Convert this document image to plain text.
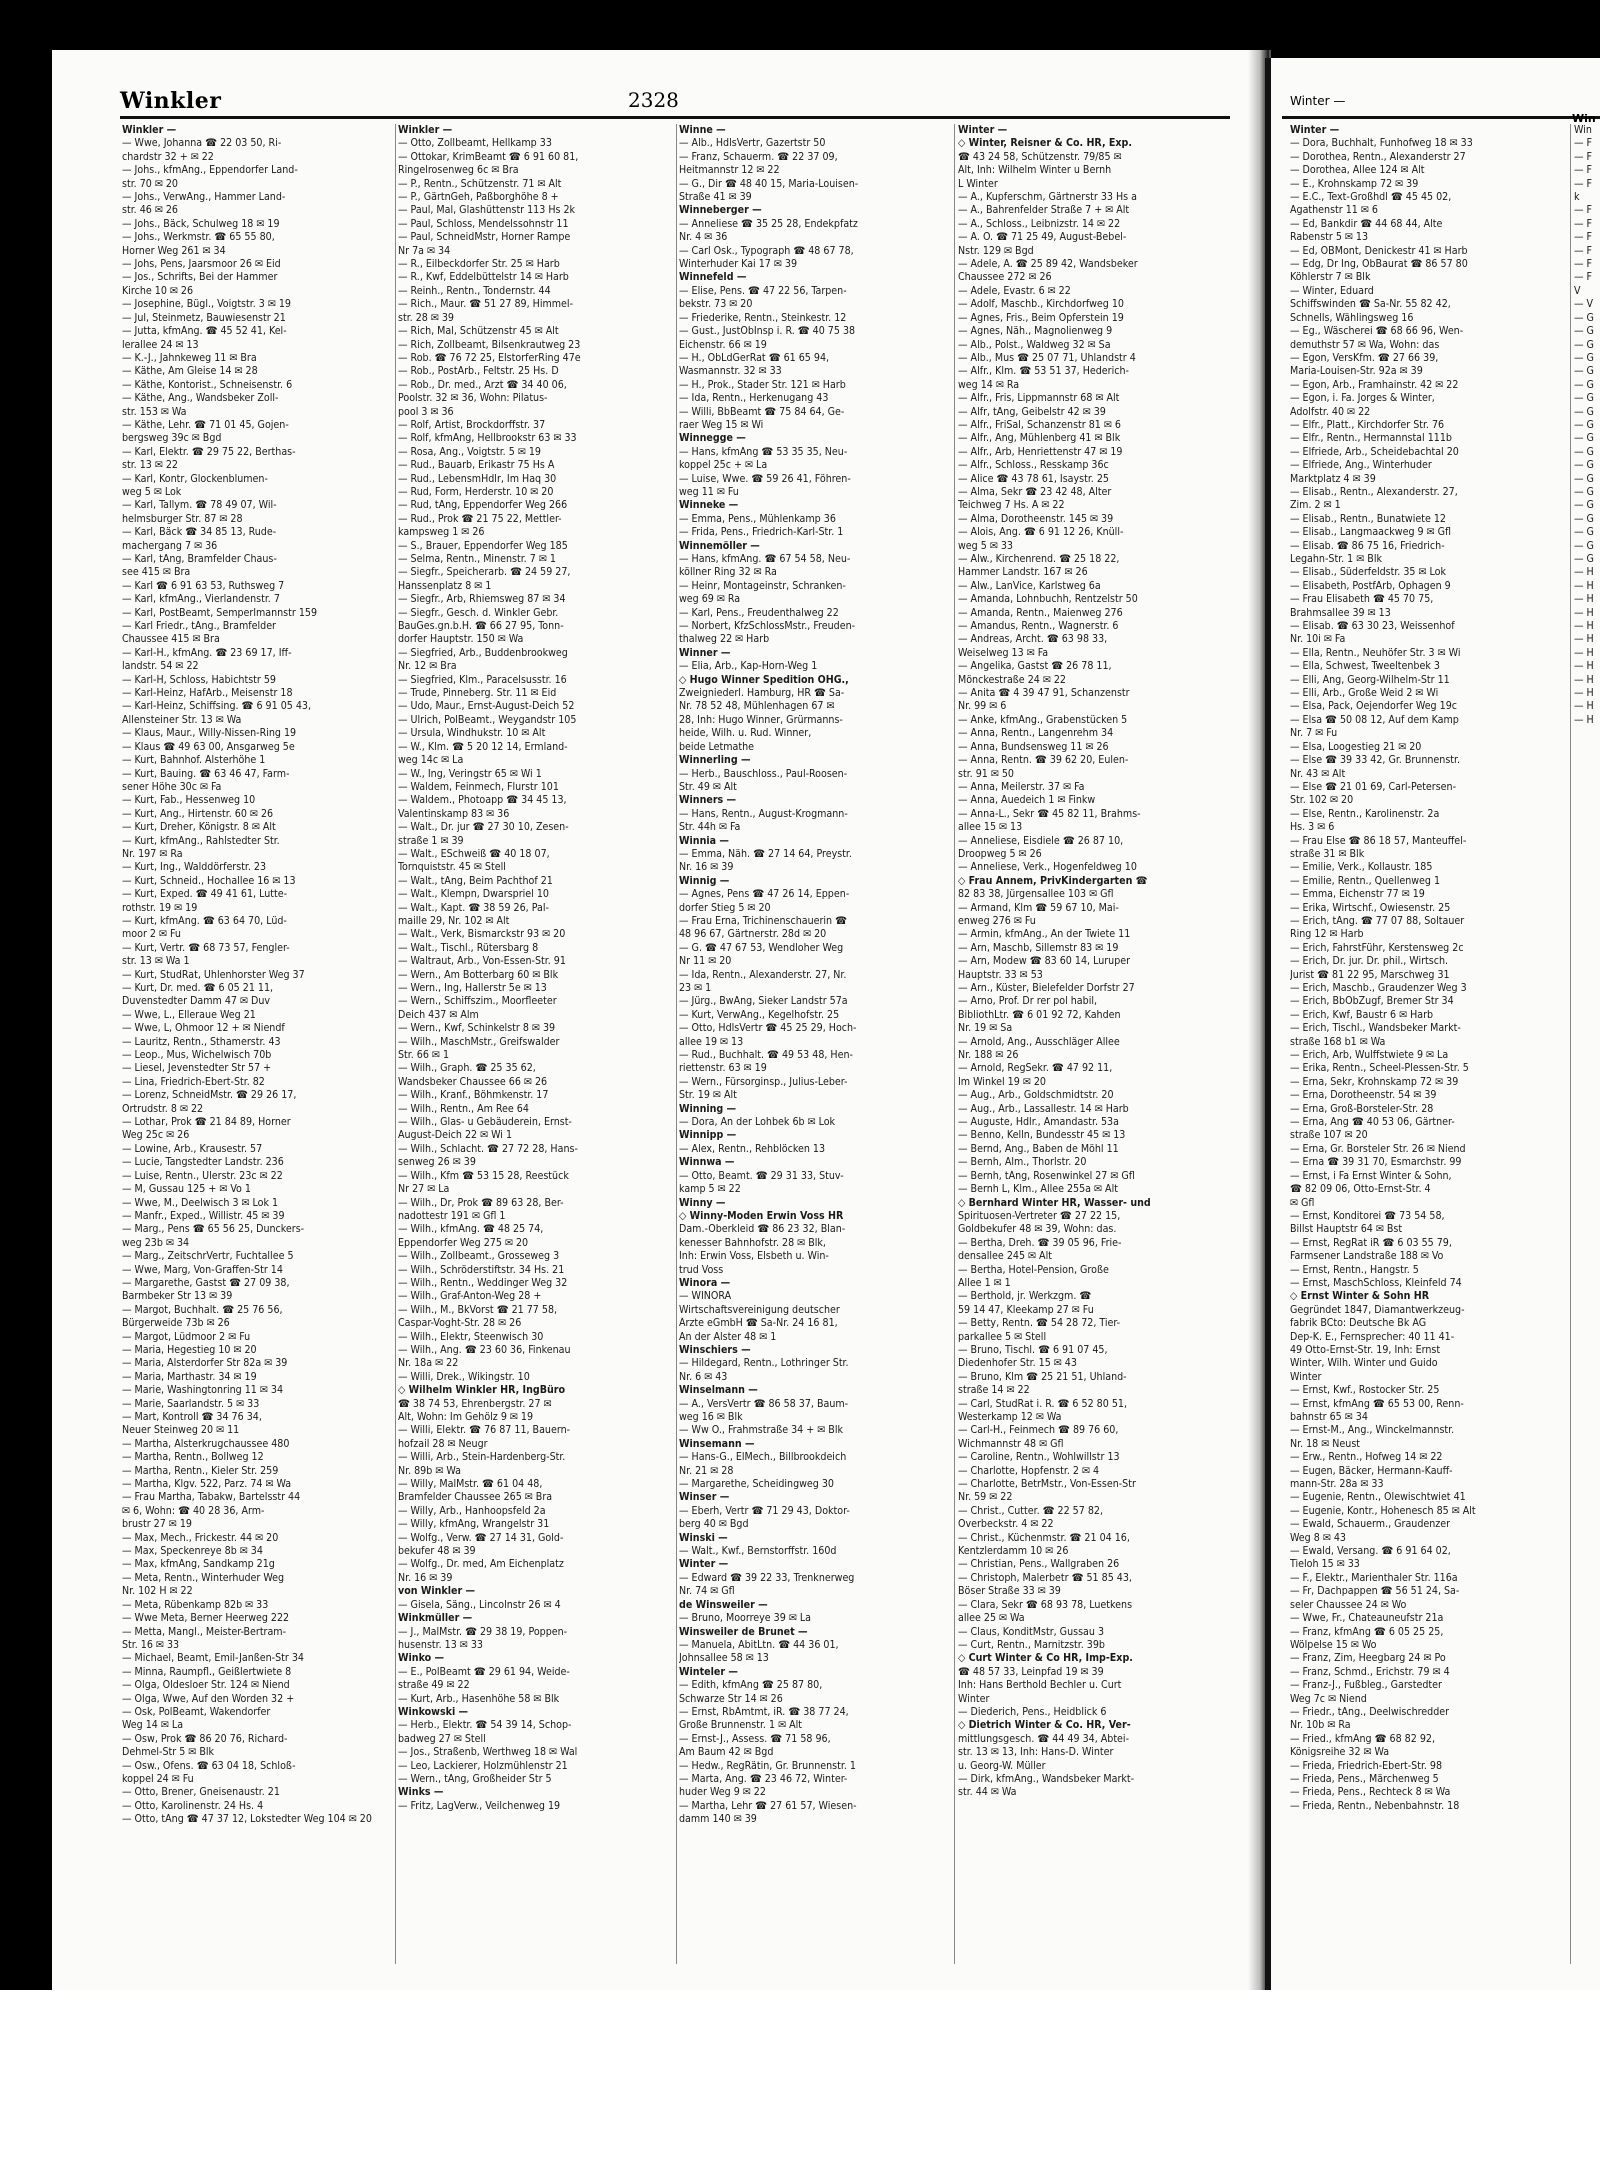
Winkler	2328	Winter —
Win
Winkler —
— Wwe, Johanna ☎ 22 03 50, Ri-
chardstr 32 + ✉ 22
— Johs., kfmAng., Eppendorfer Land-
str. 70 ✉ 20
— Johs., VerwAng., Hammer Land-
str. 46 ✉ 26
— Johs., Bäck, Schulweg 18 ✉ 19
— Johs., Werkmstr. ☎ 65 55 80,
Horner Weg 261 ✉ 34
— Johs, Pens, Jaarsmoor 26 ✉ Eid
— Jos., Schrifts, Bei der Hammer
Kirche 10 ✉ 26
— Josephine, Bügl., Voigtstr. 3 ✉ 19
— Jul, Steinmetz, Bauwiesenstr 21
— Jutta, kfmAng. ☎ 45 52 41, Kel-
lerallee 24 ✉ 13
— K.-J., Jahnkeweg 11 ✉ Bra
— Käthe, Am Gleise 14 ✉ 28
— Käthe, Kontorist., Schneisenstr. 6
— Käthe, Ang., Wandsbeker Zoll-
str. 153 ✉ Wa
— Käthe, Lehr. ☎ 71 01 45, Gojen-
bergsweg 39c ✉ Bgd
— Karl, Elektr. ☎ 29 75 22, Berthas-
str. 13 ✉ 22
— Karl, Kontr, Glockenblumen-
weg 5 ✉ Lok
— Karl, Tallym. ☎ 78 49 07, Wil-
helmsburger Str. 87 ✉ 28
— Karl, Bäck ☎ 34 85 13, Rude-
machergang 7 ✉ 36
— Karl, tAng, Bramfelder Chaus-
see 415 ✉ Bra
— Karl ☎ 6 91 63 53, Ruthsweg 7
— Karl, kfmAng., Vierlandenstr. 7
— Karl, PostBeamt, Semperlmannstr 159
— Karl Friedr., tAng., Bramfelder
Chaussee 415 ✉ Bra
— Karl-H., kfmAng. ☎ 23 69 17, Iff-
landstr. 54 ✉ 22
— Karl-H, Schloss, Habichtstr 59
— Karl-Heinz, HafArb., Meisenstr 18
— Karl-Heinz, Schiffsing. ☎ 6 91 05 43,
Allensteiner Str. 13 ✉ Wa
— Klaus, Maur., Willy-Nissen-Ring 19
— Klaus ☎ 49 63 00, Ansgarweg 5e
— Kurt, Bahnhof. Alsterhöhe 1
— Kurt, Bauing. ☎ 63 46 47, Farm-
sener Höhe 30c ✉ Fa
— Kurt, Fab., Hessenweg 10
— Kurt, Ang., Hirtenstr. 60 ✉ 26
— Kurt, Dreher, Königstr. 8 ✉ Alt
— Kurt, kfmAng., Rahlstedter Str.
Nr. 197 ✉ Ra
— Kurt, Ing., Walddörferstr. 23
— Kurt, Schneid., Hochallee 16 ✉ 13
— Kurt, Exped. ☎ 49 41 61, Lutte-
rothstr. 19 ✉ 19
— Kurt, kfmAng. ☎ 63 64 70, Lüd-
moor 2 ✉ Fu
— Kurt, Vertr. ☎ 68 73 57, Fengler-
str. 13 ✉ Wa 1
— Kurt, StudRat, Uhlenhorster Weg 37
— Kurt, Dr. med. ☎ 6 05 21 11,
Duvenstedter Damm 47 ✉ Duv
— Wwe, L., Elleraue Weg 21
— Wwe, L, Ohmoor 12 + ✉ Niendf
— Lauritz, Rentn., Sthamerstr. 43
— Leop., Mus, Wichelwisch 70b
— Liesel, Jevenstedter Str 57 +
— Lina, Friedrich-Ebert-Str. 82
— Lorenz, SchneidMstr. ☎ 29 26 17,
Ortrudstr. 8 ✉ 22
— Lothar, Prok ☎ 21 84 89, Horner
Weg 25c ✉ 26
— Lowine, Arb., Krausestr. 57
— Lucie, Tangstedter Landstr. 236
— Luise, Rentn., Ulerstr. 23c ✉ 22
— M, Gussau 125 + ✉ Vo 1
— Wwe, M., Deelwisch 3 ✉ Lok 1
— Manfr., Exped., Willistr. 45 ✉ 39
— Marg., Pens ☎ 65 56 25, Dunckers-
weg 23b ✉ 34
— Marg., ZeitschrVertr, Fuchtallee 5
— Wwe, Marg, Von-Graffen-Str 14
— Margarethe, Gastst ☎ 27 09 38,
Barmbeker Str 13 ✉ 39
— Margot, Buchhalt. ☎ 25 76 56,
Bürgerweide 73b ✉ 26
— Margot, Lüdmoor 2 ✉ Fu
— Maria, Hegestieg 10 ✉ 20
— Maria, Alsterdorfer Str 82a ✉ 39
— Maria, Marthastr. 34 ✉ 19
— Marie, Washingtonring 11 ✉ 34
— Marie, Saarlandstr. 5 ✉ 33
— Mart, Kontroll ☎ 34 76 34,
Neuer Steinweg 20 ✉ 11
— Martha, Alsterkrugchaussee 480
— Martha, Rentn., Bollweg 12
— Martha, Rentn., Kieler Str. 259
— Martha, Klgv. 522, Parz. 74 ✉ Wa
— Frau Martha, Tabakw, Bartelsstr 44
✉ 6, Wohn: ☎ 40 28 36, Arm-
brustr 27 ✉ 19
— Max, Mech., Frickestr. 44 ✉ 20
— Max, Speckenreye 8b ✉ 34
— Max, kfmAng, Sandkamp 21g
— Meta, Rentn., Winterhuder Weg
Nr. 102 H ✉ 22
— Meta, Rübenkamp 82b ✉ 33
— Wwe Meta, Berner Heerweg 222
— Metta, Mangl., Meister-Bertram-
Str. 16 ✉ 33
— Michael, Beamt, Emil-Janßen-Str 34
— Minna, Raumpfl., Geißlertwiete 8
— Olga, Oldesloer Str. 124 ✉ Niend
— Olga, Wwe, Auf den Worden 32 +
— Osk, PolBeamt, Wakendorfer
Weg 14 ✉ La
— Osw, Prok ☎ 86 20 76, Richard-
Dehmel-Str 5 ✉ Blk
— Osw., Ofens. ☎ 63 04 18, Schloß-
koppel 24 ✉ Fu
— Otto, Brener, Gneisenaustr. 21
— Otto, Karolinenstr. 24 Hs. 4
— Otto, tAng ☎ 47 37 12, Lokstedter Weg 104 ✉ 20
Winkler —
— Otto, Zollbeamt, Hellkamp 33
— Ottokar, KrimBeamt ☎ 6 91 60 81,
Ringelrosenweg 6c ✉ Bra
— P., Rentn., Schützenstr. 71 ✉ Alt
— P., GärtnGeh, Paßborghöhe 8 +
— Paul, Mal, Glashüttenstr 113 Hs 2k
— Paul, Schloss, Mendelssohnstr 11
— Paul, SchneidMstr, Horner Rampe
Nr 7a ✉ 34
— R., Eilbeckdorfer Str. 25 ✉ Harb
— R., Kwf, Eddelbüttelstr 14 ✉ Harb
— Reinh., Rentn., Tondernstr. 44
— Rich., Maur. ☎ 51 27 89, Himmel-
str. 28 ✉ 39
— Rich, Mal, Schützenstr 45 ✉ Alt
— Rich, Zollbeamt, Bilsenkrautweg 23
— Rob. ☎ 76 72 25, ElstorferRing 47e
— Rob., PostArb., Feltstr. 25 Hs. D
— Rob., Dr. med., Arzt ☎ 34 40 06,
Poolstr. 32 ✉ 36, Wohn: Pilatus-
pool 3 ✉ 36
— Rolf, Artist, Brockdorffstr. 37
— Rolf, kfmAng, Hellbrookstr 63 ✉ 33
— Rosa, Ang., Voigtstr. 5 ✉ 19
— Rud., Bauarb, Erikastr 75 Hs A
— Rud., LebensmHdlr, Im Haq 30
— Rud, Form, Herderstr. 10 ✉ 20
— Rud, tAng, Eppendorfer Weg 266
— Rud., Prok ☎ 21 75 22, Mettler-
kampsweg 1 ✉ 26
— S., Brauer, Eppendorfer Weg 185
— Selma, Rentn., Minenstr. 7 ✉ 1
— Siegfr., Speicherarb. ☎ 24 59 27,
Hanssenplatz 8 ✉ 1
— Siegfr., Arb, Rhiemsweg 87 ✉ 34
— Siegfr., Gesch. d. Winkler Gebr.
BauGes.gn.b.H. ☎ 66 27 95, Tonn-
dorfer Hauptstr. 150 ✉ Wa
— Siegfried, Arb., Buddenbrookweg
Nr. 12 ✉ Bra
— Siegfried, Klm., Paracelsusstr. 16
— Trude, Pinneberg. Str. 11 ✉ Eid
— Udo, Maur., Ernst-August-Deich 52
— Ulrich, PolBeamt., Weygandstr 105
— Ursula, Windhukstr. 10 ✉ Alt
— W., Klm. ☎ 5 20 12 14, Ermland-
weg 14c ✉ La
— W., Ing, Veringstr 65 ✉ Wi 1
— Waldem, Feinmech, Flurstr 101
— Waldem., Photoapp ☎ 34 45 13,
Valentinskamp 83 ✉ 36
— Walt., Dr. jur ☎ 27 30 10, Zesen-
straße 1 ✉ 39
— Walt., ESchweiß ☎ 40 18 07,
Tornquiststr. 45 ✉ Stell
— Walt., tAng, Beim Pachthof 21
— Walt., Klempn, Dwarspriel 10
— Walt., Kapt. ☎ 38 59 26, Pal-
maille 29, Nr. 102 ✉ Alt
— Walt., Verk, Bismarckstr 93 ✉ 20
— Walt., Tischl., Rütersbarg 8
— Waltraut, Arb., Von-Essen-Str. 91
— Wern., Am Botterbarg 60 ✉ Blk
— Wern., Ing, Hallerstr 5e ✉ 13
— Wern., Schiffszim., Moorfleeter
Deich 437 ✉ Alm
— Wern., Kwf, Schinkelstr 8 ✉ 39
— Wilh., MaschMstr., Greifswalder
Str. 66 ✉ 1
— Wilh., Graph. ☎ 25 35 62,
Wandsbeker Chaussee 66 ✉ 26
— Wilh., Kranf., Böhmkenstr. 17
— Wilh., Rentn., Am Ree 64
— Wilh., Glas- u Gebäuderein, Ernst-
August-Deich 22 ✉ Wi 1
— Wilh., Schlacht. ☎ 27 72 28, Hans-
senweg 26 ✉ 39
— Wilh., Kfm ☎ 53 15 28, Reestück
Nr 27 ✉ La
— Wilh., Dr, Prok ☎ 89 63 28, Ber-
nadottestr 191 ✉ Gfl 1
— Wilh., kfmAng. ☎ 48 25 74,
Eppendorfer Weg 275 ✉ 20
— Wilh., Zollbeamt., Grosseweg 3
— Wilh., Schröderstiftstr. 34 Hs. 21
— Wilh., Rentn., Weddinger Weg 32
— Wilh., Graf-Anton-Weg 28 +
— Wilh., M., BkVorst ☎ 21 77 58,
Caspar-Voght-Str. 28 ✉ 26
— Wilh., Elektr, Steenwisch 30
— Wilh., Ang. ☎ 23 60 36, Finkenau
Nr. 18a ✉ 22
— Willi, Drek., Wikingstr. 10
◇ Wilhelm Winkler HR, IngBüro
☎ 38 74 53, Ehrenbergstr. 27 ✉
Alt, Wohn: Im Gehölz 9 ✉ 19
— Willi, Elektr. ☎ 76 87 11, Bauern-
hofzail 28 ✉ Neugr
— Willi, Arb., Stein-Hardenberg-Str.
Nr. 89b ✉ Wa
— Willy, MalMstr. ☎ 61 04 48,
Bramfelder Chaussee 265 ✉ Bra
— Willy, Arb., Hanhoopsfeld 2a
— Willy, kfmAng, Wrangelstr 31
— Wolfg., Verw. ☎ 27 14 31, Gold-
bekufer 48 ✉ 39
— Wolfg., Dr. med, Am Eichenplatz
Nr. 16 ✉ 39
von Winkler —
— Gisela, Säng., Lincolnstr 26 ✉ 4
Winkmüller —
— J., MalMstr. ☎ 29 38 19, Poppen-
husenstr. 13 ✉ 33
Winko —
— E., PolBeamt ☎ 29 61 94, Weide-
straße 49 ✉ 22
— Kurt, Arb., Hasenhöhe 58 ✉ Blk
Winkowski —
— Herb., Elektr. ☎ 54 39 14, Schop-
badweg 27 ✉ Stell
— Jos., Straßenb, Werthweg 18 ✉ Wal
— Leo, Lackierer, Holzmühlenstr 21
— Wern., tAng, Großheider Str 5
Winks —
— Fritz, LagVerw., Veilchenweg 19
Winne —
— Alb., HdlsVertr, Gazertstr 50
— Franz, Schauerm. ☎ 22 37 09,
Heitmannstr 12 ✉ 22
— G., Dir ☎ 48 40 15, Maria-Louisen-
Straße 41 ✉ 39
Winneberger —
— Anneliese ☎ 35 25 28, Endekpfatz
Nr. 4 ✉ 36
— Carl Osk., Typograph ☎ 48 67 78,
Winterhuder Kai 17 ✉ 39
Winnefeld —
— Elise, Pens. ☎ 47 22 56, Tarpen-
bekstr. 73 ✉ 20
— Friederike, Rentn., Steinkestr. 12
— Gust., JustObInsp i. R. ☎ 40 75 38
Eichenstr. 66 ✉ 19
— H., ObLdGerRat ☎ 61 65 94,
Wasmannstr. 32 ✉ 33
— H., Prok., Stader Str. 121 ✉ Harb
— Ida, Rentn., Herkenugang 43
— Willi, BbBeamt ☎ 75 84 64, Ge-
raer Weg 15 ✉ Wi
Winnegge —
— Hans, kfmAng ☎ 53 35 35, Neu-
koppel 25c + ✉ La
— Luise, Wwe. ☎ 59 26 41, Föhren-
weg 11 ✉ Fu
Winneke —
— Emma, Pens., Mühlenkamp 36
— Frida, Pens., Friedrich-Karl-Str. 1
Winnemöller —
— Hans, kfmAng. ☎ 67 54 58, Neu-
köllner Ring 32 ✉ Ra
— Heinr, Montageinstr, Schranken-
weg 69 ✉ Ra
— Karl, Pens., Freudenthalweg 22
— Norbert, KfzSchlossMstr., Freuden-
thalweg 22 ✉ Harb
Winner —
— Elia, Arb., Kap-Horn-Weg 1
◇ Hugo Winner Spedition OHG.,
Zweigniederl. Hamburg, HR ☎ Sa-
Nr. 78 52 48, Mühlenhagen 67 ✉
28, Inh: Hugo Winner, Grürmanns-
heide, Wilh. u. Rud. Winner,
beide Letmathe
Winnerling —
— Herb., Bauschloss., Paul-Roosen-
Str. 49 ✉ Alt
Winners —
— Hans, Rentn., August-Krogmann-
Str. 44h ✉ Fa
Winnia —
— Emma, Näh. ☎ 27 14 64, Preystr.
Nr. 16 ✉ 39
Winnig —
— Agnes, Pens ☎ 47 26 14, Eppen-
dorfer Stieg 5 ✉ 20
— Frau Erna, Trichinenschauerin ☎
48 96 67, Gärtnerstr. 28d ✉ 20
— G. ☎ 47 67 53, Wendloher Weg
Nr 11 ✉ 20
— Ida, Rentn., Alexanderstr. 27, Nr.
23 ✉ 1
— Jürg., BwAng, Sieker Landstr 57a
— Kurt, VerwAng., Kegelhofstr. 25
— Otto, HdlsVertr ☎ 45 25 29, Hoch-
allee 19 ✉ 13
— Rud., Buchhalt. ☎ 49 53 48, Hen-
riettenstr. 63 ✉ 19
— Wern., Fürsorginsp., Julius-Leber-
Str. 19 ✉ Alt
Winning —
— Dora, An der Lohbek 6b ✉ Lok
Winnipp —
— Alex, Rentn., Rehblöcken 13
Winnwa —
— Otto, Beamt. ☎ 29 31 33, Stuv-
kamp 5 ✉ 22
Winny —
◇ Winny-Moden Erwin Voss HR
Dam.-Oberkleid ☎ 86 23 32, Blan-
kenesser Bahnhofstr. 28 ✉ Blk,
Inh: Erwin Voss, Elsbeth u. Win-
trud Voss
Winora —
— WINORA
Wirtschaftsvereinigung deutscher
Ärzte eGmbH ☎ Sa-Nr. 24 16 81,
An der Alster 48 ✉ 1
Winschiers —
— Hildegard, Rentn., Lothringer Str.
Nr. 6 ✉ 43
Winselmann —
— A., VersVertr ☎ 86 58 37, Baum-
weg 16 ✉ Blk
— Ww O., Frahmstraße 34 + ✉ Blk
Winsemann —
— Hans-G., ElMech., Billbrookdeich
Nr. 21 ✉ 28
— Margarethe, Scheidingweg 30
Winser —
— Eberh, Vertr ☎ 71 29 43, Doktor-
berg 40 ✉ Bgd
Winski —
— Walt., Kwf., Bernstorffstr. 160d
Winter —
— Edward ☎ 39 22 33, Trenknerweg
Nr. 74 ✉ Gfl
de Winsweiler —
— Bruno, Moorreye 39 ✉ La
Winsweiler de Brunet —
— Manuela, AbitLtn. ☎ 44 36 01,
Johnsallee 58 ✉ 13
Winteler —
— Edith, kfmAng ☎ 25 87 80,
Schwarze Str 14 ✉ 26
— Ernst, RbAmtmt, iR. ☎ 38 77 24,
Große Brunnenstr. 1 ✉ Alt
— Ernst-J., Assess. ☎ 71 58 96,
Am Baum 42 ✉ Bgd
— Hedw., RegRätin, Gr. Brunnenstr. 1
— Marta, Ang. ☎ 23 46 72, Winter-
huder Weg 9 ✉ 22
— Martha, Lehr ☎ 27 61 57, Wiesen-
damm 140 ✉ 39
Winter —
◇ Winter, Reisner & Co. HR, Exp.
☎ 43 24 58, Schützenstr. 79/85 ✉
Alt, Inh: Wilhelm Winter u Bernh
L Winter
— A., Kupferschm, Gärtnerstr 33 Hs a
— A., Bahrenfelder Straße 7 + ✉ Alt
— A., Schloss., Leibnizstr. 14 ✉ 22
— A. O. ☎ 71 25 49, August-Bebel-
Nstr. 129 ✉ Bgd
— Adele, A. ☎ 25 89 42, Wandsbeker
Chaussee 272 ✉ 26
— Adele, Evastr. 6 ✉ 22
— Adolf, Maschb., Kirchdorfweg 10
— Agnes, Fris., Beim Opferstein 19
— Agnes, Näh., Magnolienweg 9
— Alb., Polst., Waldweg 32 ✉ Sa
— Alb., Mus ☎ 25 07 71, Uhlandstr 4
— Alfr., Klm. ☎ 53 51 37, Hederich-
weg 14 ✉ Ra
— Alfr., Fris, Lippmannstr 68 ✉ Alt
— Alfr, tAng, Geibelstr 42 ✉ 39
— Alfr., FriSal, Schanzenstr 81 ✉ 6
— Alfr., Ang, Mühlenberg 41 ✉ Blk
— Alfr., Arb, Henriettenstr 47 ✉ 19
— Alfr., Schloss., Resskamp 36c
— Alice ☎ 43 78 61, Isaystr. 25
— Alma, Sekr ☎ 23 42 48, Alter
Teichweg 7 Hs. A ✉ 22
— Alma, Dorotheenstr. 145 ✉ 39
— Alois, Ang. ☎ 6 91 12 26, Knüll-
weg 5 ✉ 33
— Alw., Kirchenrend. ☎ 25 18 22,
Hammer Landstr. 167 ✉ 26
— Alw., LanVice, Karlstweg 6a
— Amanda, Lohnbuchh, Rentzelstr 50
— Amanda, Rentn., Maienweg 276
— Amandus, Rentn., Wagnerstr. 6
— Andreas, Archt. ☎ 63 98 33,
Weiselweg 13 ✉ Fa
— Angelika, Gastst ☎ 26 78 11,
Mönckestraße 24 ✉ 22
— Anita ☎ 4 39 47 91, Schanzenstr
Nr. 99 ✉ 6
— Anke, kfmAng., Grabenstücken 5
— Anna, Rentn., Langenrehm 34
— Anna, Bundsensweg 11 ✉ 26
— Anna, Rentn. ☎ 39 62 20, Eulen-
str. 91 ✉ 50
— Anna, Meilerstr. 37 ✉ Fa
— Anna, Auedeich 1 ✉ Finkw
— Anna-L., Sekr ☎ 45 82 11, Brahms-
allee 15 ✉ 13
— Anneliese, Eisdiele ☎ 26 87 10,
Droopweg 5 ✉ 26
— Anneliese, Verk., Hogenfeldweg 10
◇ Frau Annem, PrivKindergarten ☎
82 83 38, Jürgensallee 103 ✉ Gfl
— Armand, Klm ☎ 59 67 10, Mai-
enweg 276 ✉ Fu
— Armin, kfmAng., An der Twiete 11
— Arn, Maschb, Sillemstr 83 ✉ 19
— Arn, Modew ☎ 83 60 14, Luruper
Hauptstr. 33 ✉ 53
— Arn., Küster, Bielefelder Dorfstr 27
— Arno, Prof. Dr rer pol habil,
BibliothLtr. ☎ 6 01 92 72, Kahden
Nr. 19 ✉ Sa
— Arnold, Ang., Ausschläger Allee
Nr. 188 ✉ 26
— Arnold, RegSekr. ☎ 47 92 11,
Im Winkel 19 ✉ 20
— Aug., Arb., Goldschmidtstr. 20
— Aug., Arb., Lassallestr. 14 ✉ Harb
— Auguste, Hdlr., Amandastr. 53a
— Benno, Kelln, Bundesstr 45 ✉ 13
— Bernd, Ang., Baben de Möhl 11
— Bernh, Alm., Thorlstr. 20
— Bernh, tAng, Rosenwinkel 27 ✉ Gfl
— Bernh L, Klm., Allee 255a ✉ Alt
◇ Bernhard Winter HR, Wasser- und
Spirituosen-Vertreter ☎ 27 22 15,
Goldbekufer 48 ✉ 39, Wohn: das.
— Bertha, Dreh. ☎ 39 05 96, Frie-
densallee 245 ✉ Alt
— Bertha, Hotel-Pension, Große
Allee 1 ✉ 1
— Berthold, jr. Werkzgm. ☎
59 14 47, Kleekamp 27 ✉ Fu
— Betty, Rentn. ☎ 54 28 72, Tier-
parkallee 5 ✉ Stell
— Bruno, Tischl. ☎ 6 91 07 45,
Diedenhofer Str. 15 ✉ 43
— Bruno, Klm ☎ 25 21 51, Uhland-
straße 14 ✉ 22
— Carl, StudRat i. R. ☎ 6 52 80 51,
Westerkamp 12 ✉ Wa
— Carl-H., Feinmech ☎ 89 76 60,
Wichmannstr 48 ✉ Gfl
— Caroline, Rentn., Wohlwillstr 13
— Charlotte, Hopfenstr. 2 ✉ 4
— Charlotte, BetrMstr., Von-Essen-Str
Nr. 59 ✉ 22
— Christ., Cutter. ☎ 22 57 82,
Overbeckstr. 4 ✉ 22
— Christ., Küchenmstr. ☎ 21 04 16,
Kentzlerdamm 10 ✉ 26
— Christian, Pens., Wallgraben 26
— Christoph, Malerbetr ☎ 51 85 43,
Böser Straße 33 ✉ 39
— Clara, Sekr ☎ 68 93 78, Luetkens
allee 25 ✉ Wa
— Claus, KonditMstr, Gussau 3
— Curt, Rentn., Marnitzstr. 39b
◇ Curt Winter & Co HR, Imp-Exp.
☎ 48 57 33, Leinpfad 19 ✉ 39
Inh: Hans Berthold Bechler u. Curt
Winter
— Diederich, Pens., Heidblick 6
◇ Dietrich Winter & Co. HR, Ver-
mittlungsgesch. ☎ 44 49 34, Abtei-
str. 13 ✉ 13, Inh: Hans-D. Winter
u. Georg-W. Müller
— Dirk, kfmAng., Wandsbeker Markt-
str. 44 ✉ Wa
Winter —
— Dora, Buchhalt, Funhofweg 18 ✉ 33
— Dorothea, Rentn., Alexanderstr 27
— Dorothea, Allee 124 ✉ Alt
— E., Krohnskamp 72 ✉ 39
— E.C., Text-Großhdl ☎ 45 45 02,
Agathenstr 11 ✉ 6
— Ed, Bankdir ☎ 44 68 44, Alte
Rabenstr 5 ✉ 13
— Ed, OBMont, Denickestr 41 ✉ Harb
— Edg, Dr Ing, ObBaurat ☎ 86 57 80
Köhlerstr 7 ✉ Blk
— Winter, Eduard
Schiffswinden ☎ Sa-Nr. 55 82 42,
Schnells, Wählingsweg 16
— Eg., Wäscherei ☎ 68 66 96, Wen-
demuthstr 57 ✉ Wa, Wohn: das
— Egon, VersKfm. ☎ 27 66 39,
Maria-Louisen-Str. 92a ✉ 39
— Egon, Arb., Framhainstr. 42 ✉ 22
— Egon, i. Fa. Jorges & Winter,
Adolfstr. 40 ✉ 22
— Elfr., Platt., Kirchdorfer Str. 76
— Elfr., Rentn., Hermannstal 111b
— Elfriede, Arb., Scheidebachtal 20
— Elfriede, Ang., Winterhuder
Marktplatz 4 ✉ 39
— Elisab., Rentn., Alexanderstr. 27,
Zim. 2 ✉ 1
— Elisab., Rentn., Bunatwiete 12
— Elisab., Langmaackweg 9 ✉ Gfl
— Elisab. ☎ 86 75 16, Friedrich-
Legahn-Str. 1 ✉ Blk
— Elisab., Süderfeldstr. 35 ✉ Lok
— Elisabeth, PostfArb, Ophagen 9
— Frau Elisabeth ☎ 45 70 75,
Brahmsallee 39 ✉ 13
— Elisab. ☎ 63 30 23, Weissenhof
Nr. 10i ✉ Fa
— Ella, Rentn., Neuhöfer Str. 3 ✉ Wi
— Ella, Schwest, Tweeltenbek 3
— Elli, Ang, Georg-Wilhelm-Str 11
— Elli, Arb., Große Weid 2 ✉ Wi
— Elsa, Pack, Oejendorfer Weg 19c
— Elsa ☎ 50 08 12, Auf dem Kamp
Nr. 7 ✉ Fu
— Elsa, Loogestieg 21 ✉ 20
— Else ☎ 39 33 42, Gr. Brunnenstr.
Nr. 43 ✉ Alt
— Else ☎ 21 01 69, Carl-Petersen-
Str. 102 ✉ 20
— Else, Rentn., Karolinenstr. 2a
Hs. 3 ✉ 6
— Frau Else ☎ 86 18 57, Manteuffel-
straße 31 ✉ Blk
— Emilie, Verk., Kollaustr. 185
— Emilie, Rentn., Quellenweg 1
— Emma, Eichenstr 77 ✉ 19
— Erika, Wirtschf., Owiesenstr. 25
— Erich, tAng. ☎ 77 07 88, Soltauer
Ring 12 ✉ Harb
— Erich, FahrstFühr, Kerstensweg 2c
— Erich, Dr. jur. Dr. phil., Wirtsch.
Jurist ☎ 81 22 95, Marschweg 31
— Erich, Maschb., Graudenzer Weg 3
— Erich, BbObZugf, Bremer Str 34
— Erich, Kwf, Baustr 6 ✉ Harb
— Erich, Tischl., Wandsbeker Markt-
straße 168 b1 ✉ Wa
— Erich, Arb, Wulffstwiete 9 ✉ La
— Erika, Rentn., Scheel-Plessen-Str. 5
— Erna, Sekr, Krohnskamp 72 ✉ 39
— Erna, Dorotheenstr. 54 ✉ 39
— Erna, Groß-Borsteler-Str. 28
— Erna, Ang ☎ 40 53 06, Gärtner-
straße 107 ✉ 20
— Erna, Gr. Borsteler Str. 26 ✉ Niend
— Erna ☎ 39 31 70, Esmarchstr. 99
— Ernst, i Fa Ernst Winter & Sohn,
☎ 82 09 06, Otto-Ernst-Str. 4
✉ Gfl
— Ernst, Konditorei ☎ 73 54 58,
Billst Hauptstr 64 ✉ Bst
— Ernst, RegRat iR ☎ 6 03 55 79,
Farmsener Landstraße 188 ✉ Vo
— Ernst, Rentn., Hangstr. 5
— Ernst, MaschSchloss, Kleinfeld 74
◇ Ernst Winter & Sohn HR
Gegründet 1847, Diamantwerkzeug-
fabrik BCto: Deutsche Bk AG
Dep-K. E., Fernsprecher: 40 11 41-
49 Otto-Ernst-Str. 19, Inh: Ernst
Winter, Wilh. Winter und Guido
Winter
— Ernst, Kwf., Rostocker Str. 25
— Ernst, kfmAng ☎ 65 53 00, Renn-
bahnstr 65 ✉ 34
— Ernst-M., Ang., Winckelmannstr.
Nr. 18 ✉ Neust
— Erw., Rentn., Hofweg 14 ✉ 22
— Eugen, Bäcker, Hermann-Kauff-
mann-Str. 28a ✉ 33
— Eugenie, Rentn., Olewischtwiet 41
— Eugenie, Kontr., Hohenesch 85 ✉ Alt
— Ewald, Schauerm., Graudenzer
Weg 8 ✉ 43
— Ewald, Versang. ☎ 6 91 64 02,
Tieloh 15 ✉ 33
— F., Elektr., Marienthaler Str. 116a
— Fr, Dachpappen ☎ 56 51 24, Sa-
seler Chaussee 24 ✉ Wo
— Wwe, Fr., Chateauneufstr 21a
— Franz, kfmAng ☎ 6 05 25 25,
Wölpelse 15 ✉ Wo
— Franz, Zim, Heegbarg 24 ✉ Po
— Franz, Schmd., Erichstr. 79 ✉ 4
— Franz-J., Fußbleg., Garstedter
Weg 7c ✉ Niend
— Friedr., tAng., Deelwischredder
Nr. 10b ✉ Ra
— Fried., kfmAng ☎ 68 82 92,
Königsreihe 32 ✉ Wa
— Frieda, Friedrich-Ebert-Str. 98
— Frieda, Pens., Märchenweg 5
— Frieda, Pens., Rechteck 8 ✉ Wa
— Frieda, Rentn., Nebenbahnstr. 18
Win
— F
— F
— F
— F
k
— F
— F
— F
— F
— F
— F
V
— V
— G
— G
— G
— G
— G
— G
— G
— G
— G
— G
— G
— G
— G
— G
— G
— G
— G
— G
— G
— H
— H
— H
— H
— H
— H
— H
— H
— H
— H
— H
— H
